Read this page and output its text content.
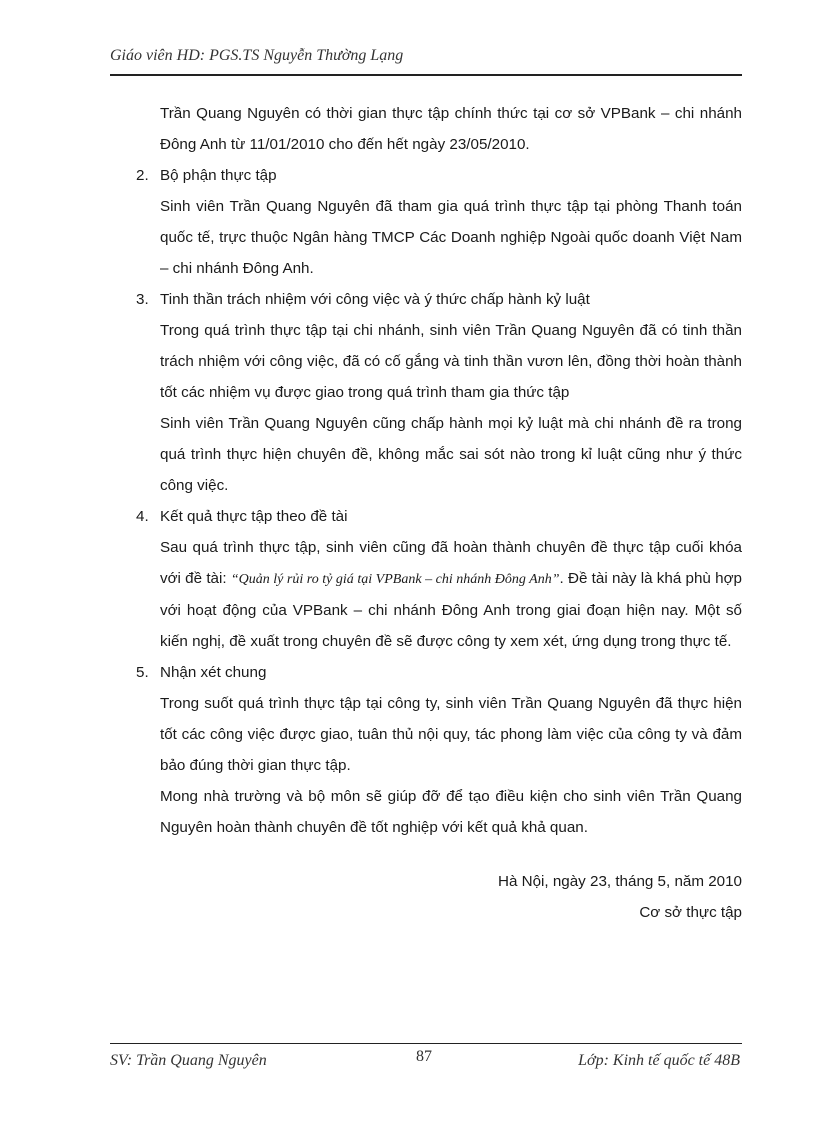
Giáo viên HD: PGS.TS Nguyễn Thường Lạng

Trần Quang Nguyên có thời gian thực tập chính thức tại cơ sở VPBank – chi nhánh Đông Anh từ 11/01/2010 cho đến hết ngày 23/05/2010.

2. Bộ phận thực tập

Sinh viên Trần Quang Nguyên đã tham gia quá trình thực tập tại phòng Thanh toán quốc tế, trực thuộc Ngân hàng TMCP Các Doanh nghiệp Ngoài quốc doanh Việt Nam – chi nhánh Đông Anh.

3. Tinh thần trách nhiệm với công việc và ý thức chấp hành kỷ luật

Trong quá trình thực tập tại chi nhánh, sinh viên Trần Quang Nguyên đã có tinh thần trách nhiệm với công việc, đã có cố gắng và tinh thần vươn lên, đồng thời hoàn thành tốt các nhiệm vụ được giao trong quá trình tham gia thức tập

Sinh viên Trần Quang Nguyên cũng chấp hành mọi kỷ luật mà chi nhánh đề ra trong quá trình thực hiện chuyên đề, không mắc sai sót nào trong kỉ luật cũng như ý thức công việc.

4. Kết quả thực tập theo đề tài

Sau quá trình thực tập, sinh viên cũng đã hoàn thành chuyên đề thực tập cuối khóa với đề tài: “Quản lý rủi ro tỷ giá tại VPBank – chi nhánh Đông Anh”. Đề tài này là khá phù hợp với hoạt động của VPBank – chi nhánh Đông Anh trong giai đoạn hiện nay. Một số kiến nghị, đề xuất trong chuyên đề sẽ được công ty xem xét, ứng dụng trong thực tế.

5. Nhận xét chung

Trong suốt quá trình thực tập tại công ty, sinh viên Trần Quang Nguyên đã thực hiện tốt các công việc được giao, tuân thủ nội quy, tác phong làm việc của công ty và đảm bảo đúng thời gian thực tập.

Mong nhà trường và bộ môn sẽ giúp đỡ để tạo điều kiện cho sinh viên Trần Quang Nguyên hoàn thành chuyên đề tốt nghiệp với kết quả khả quan.

Hà Nội, ngày 23, tháng 5, năm 2010
Cơ sở thực tập
SV: Trần Quang Nguyên	87	Lớp: Kinh tế quốc tế 48B
